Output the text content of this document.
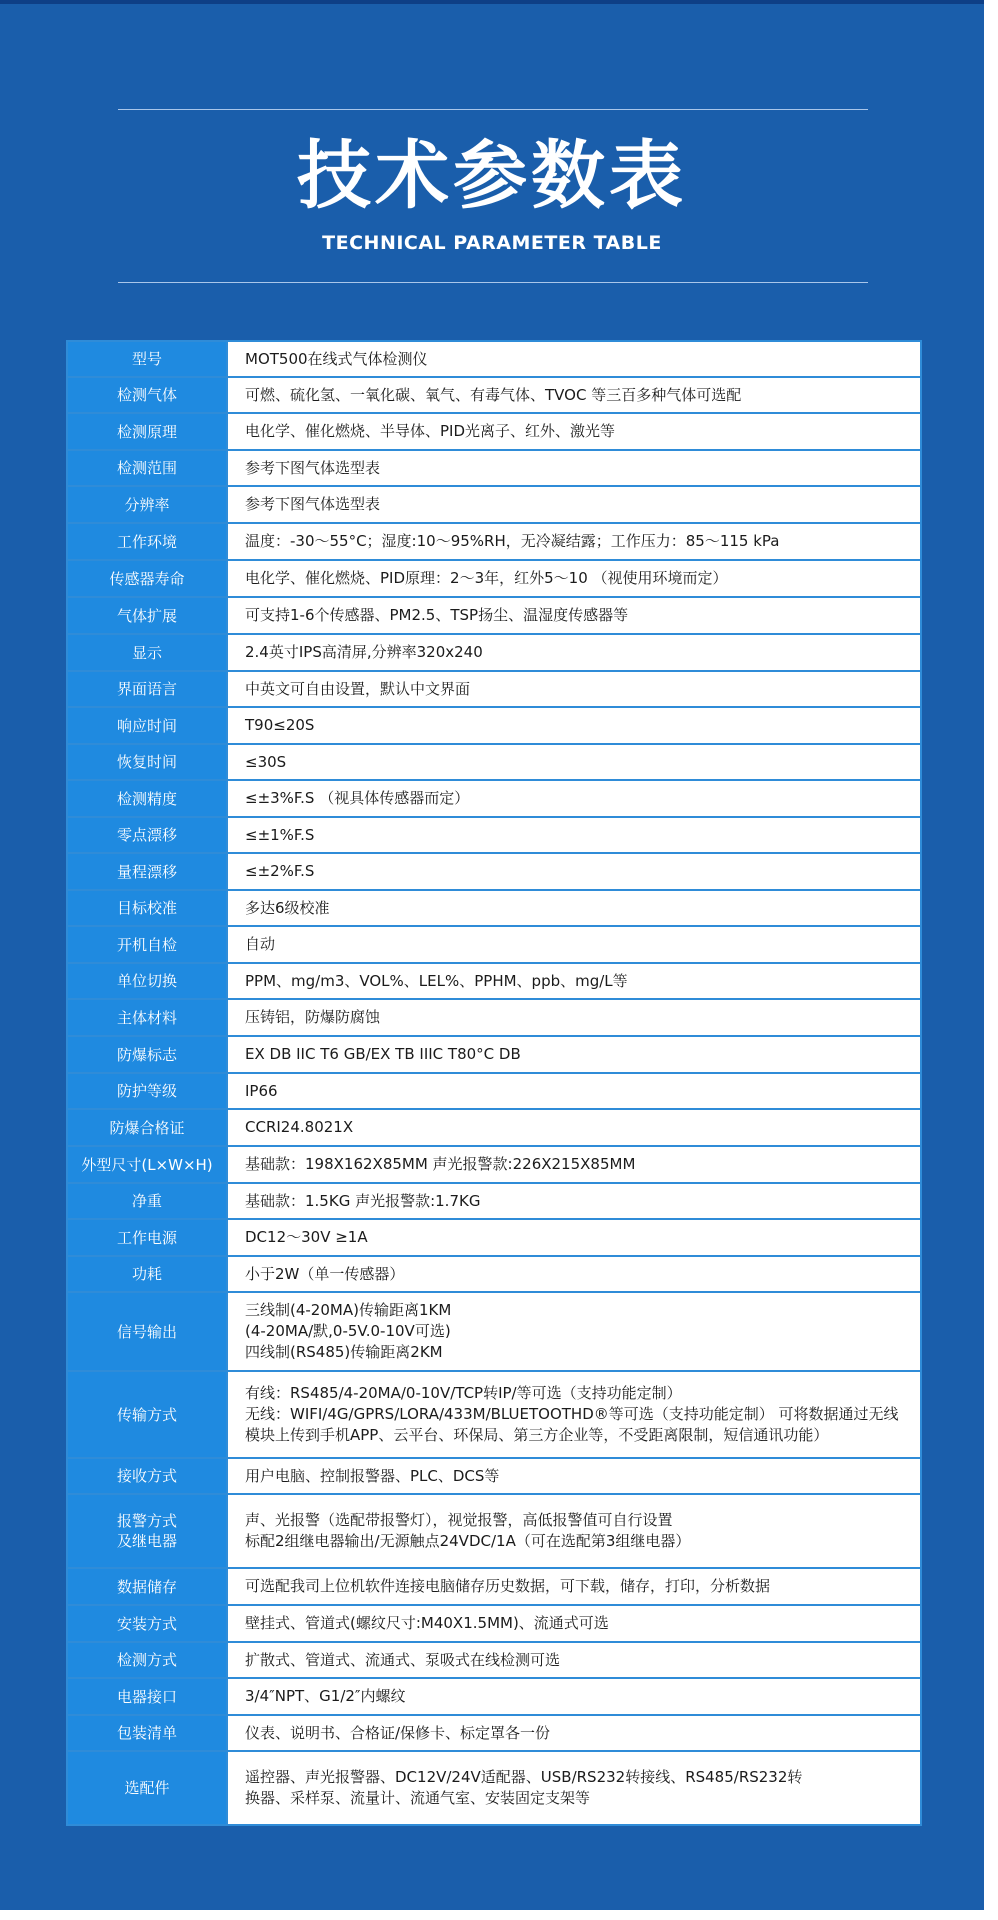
技术参数表
TECHNICAL PARAMETER TABLE
型号	MOT500在线式气体检测仪

检测气体	可燃、硫化氢、一氧化碳、氧气、有毒气体、TVOC 等三百多种气体可选配

检测原理	电化学、催化燃烧、半导体、PID光离子、红外、激光等

检测范围	参考下图气体选型表

分辨率	参考下图气体选型表

工作环境	温度：-30～55°C；湿度:10～95%RH，无冷凝结露；工作压力：85～115 kPa

传感器寿命	电化学、催化燃烧、PID原理：2～3年，红外5～10 （视使用环境而定）

气体扩展	可支持1-6个传感器、PM2.5、TSP扬尘、温湿度传感器等

显示	2.4英寸IPS高清屏,分辨率320x240

界面语言	中英文可自由设置，默认中文界面

响应时间	T90≤20S

恢复时间	≤30S

检测精度	≤±3%F.S （视具体传感器而定）

零点漂移	≤±1%F.S

量程漂移	≤±2%F.S

目标校准	多达6级校准

开机自检	自动

单位切换	PPM、mg/m3、VOL%、LEL%、PPHM、ppb、mg/L等

主体材料	压铸铝，防爆防腐蚀

防爆标志	EX DB IIC T6 GB/EX TB IIIC T80°C DB

防护等级	IP66

防爆合格证	CCRI24.8021X

外型尺寸(L×W×H)	基础款：198X162X85MM 声光报警款:226X215X85MM

净重	基础款：1.5KG 声光报警款:1.7KG

工作电源	DC12～30V ≥1A

功耗	小于2W（单一传感器）

信号输出	三线制(4-20MA)传输距离1KM
(4-20MA/默,0-5V.0-10V可选)
四线制(RS485)传输距离2KM

传输方式	有线：RS485/4-20MA/0-10V/TCP转IP/等可选（支持功能定制）
无线：WIFI/4G/GPRS/LORA/433M/BLUETOOTHD®等可选（支持功能定制） 可将数据通过无线
模块上传到手机APP、云平台、环保局、第三方企业等，不受距离限制，短信通讯功能）

接收方式	用户电脑、控制报警器、PLC、DCS等

报警方式
及继电器	声、光报警（选配带报警灯），视觉报警，高低报警值可自行设置
标配2组继电器输出/无源触点24VDC/1A（可在选配第3组继电器）

数据储存	可选配我司上位机软件连接电脑储存历史数据，可下载，储存，打印，分析数据

安装方式	壁挂式、管道式(螺纹尺寸:M40X1.5MM)、流通式可选

检测方式	扩散式、管道式、流通式、泵吸式在线检测可选

电器接口	3/4″NPT、G1/2″内螺纹

包装清单	仪表、说明书、合格证/保修卡、标定罩各一份

选配件	遥控器、声光报警器、DC12V/24V适配器、USB/RS232转接线、RS485/RS232转
换器、采样泵、流量计、流通气室、安装固定支架等
